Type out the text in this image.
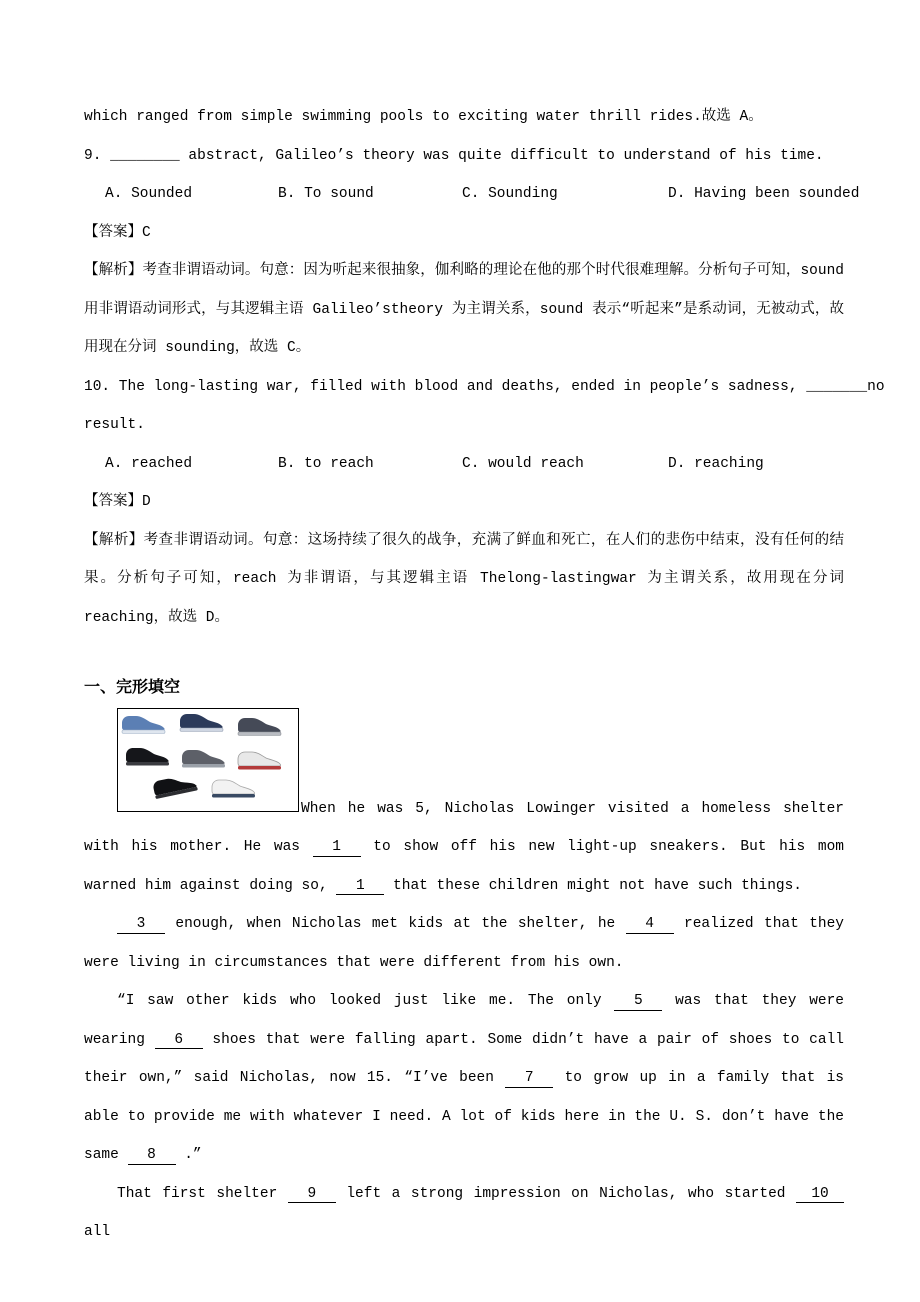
which ranged from simple swimming pools to exciting water thrill rides.故选 A。

9. ________ abstract, Galileo’s theory was quite difficult to understand of his time.

A. Sounded	B. To sound	C. Sounding	D. Having been sounded

【答案】C

【解析】考查非谓语动词。句意：因为听起来很抽象，伽利略的理论在他的那个时代很难理解。分析句子可知，sound 用非谓语动词形式，与其逻辑主语 Galileo’stheory 为主谓关系，sound 表示“听起来”是系动词，无被动式，故用现在分词 sounding，故选 C。

10. The long-lasting war, filled with blood and deaths, ended in people’s sadness, _______no

result.

A. reached	B. to reach	C. would reach	D. reaching

【答案】D

【解析】考查非谓语动词。句意：这场持续了很久的战争，充满了鲜血和死亡，在人们的悲伤中结束，没有任何的结果。分析句子可知，reach 为非谓语，与其逻辑主语 Thelong-lastingwar 为主谓关系，故用现在分词 reaching，故选 D。

一、完形填空

When he was 5, Nicholas Lowinger visited a homeless shelter with his mother. He was 1 to show off his new light-up sneakers. But his mom warned him against doing so, 1 that these children might not have such things.

3 enough, when Nicholas met kids at the shelter, he 4 realized that they were living in circumstances that were different from his own.

“I saw other kids who looked just like me. The only 5 was that they were wearing 6 shoes that were falling apart. Some didn’t have a pair of shoes to call their own,” said Nicholas, now 15. “I’ve been 7 to grow up in a family that is able to provide me with whatever I need. A lot of kids here in the U. S. don’t have the same 8 .”

That first shelter 9 left a strong impression on Nicholas, who started 10 all
